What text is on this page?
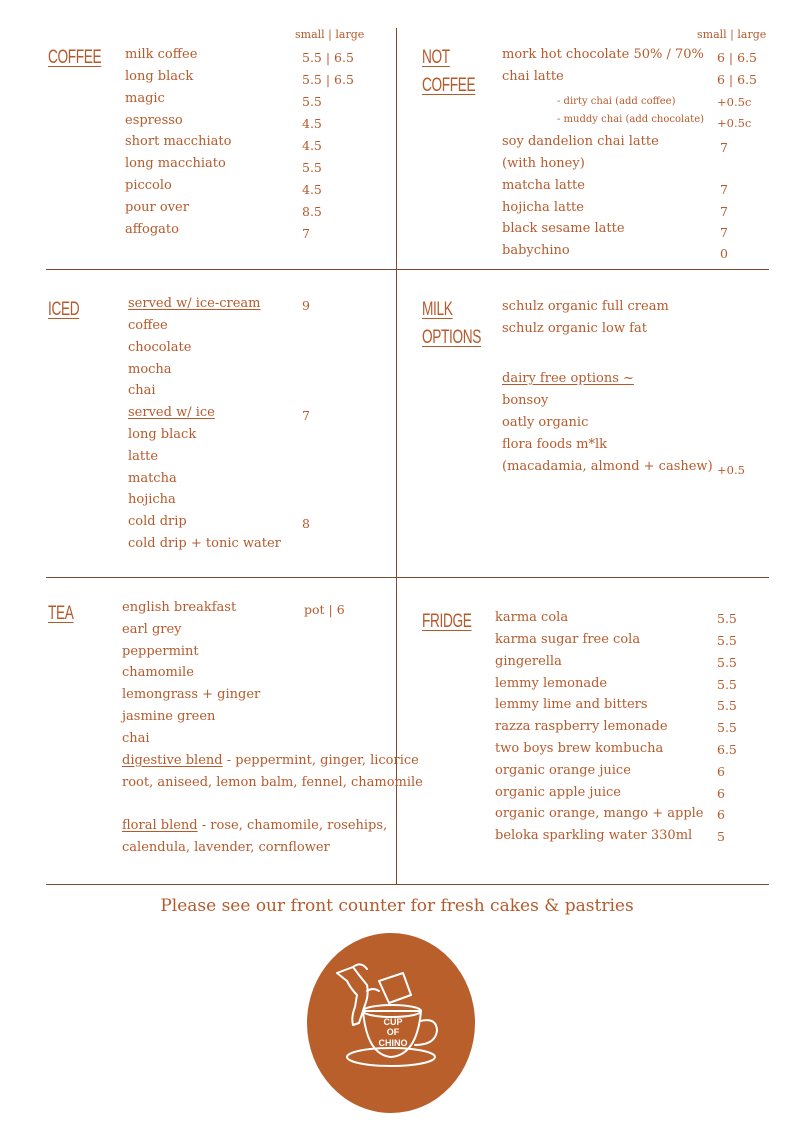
COFFEE
small | large
milk coffee	5.5 | 6.5
long black	5.5 | 6.5
magic	5.5
espresso	4.5
short macchiato	4.5
long macchiato	5.5
piccolo	4.5
pour over	8.5
affogato	7
NOT
COFFEE
small | large
mork hot chocolate 50% / 70% 6 | 6.5
chai latte	6 | 6.5
- dirty chai (add coffee)	+0.5c
- muddy chai (add chocolate) +0.5c
soy dandelion chai latte	7
(with honey)
matcha latte	7
hojicha latte	7
black sesame latte	7
babychino	0
ICED	served w/ ice-cream	9
coffee
chocolate
mocha
chai
served w/ ice	7
long black
latte
matcha
hojicha
cold drip	8
cold drip + tonic water
MILK
OPTIONS
schulz organic full cream
schulz organic low fat
dairy free options ~
bonsoy
oatly organic
flora foods m*lk
(macadamia, almond + cashew) +0.5
TEA	pot | 6
english breakfast
earl grey
peppermint
chamomile
lemongrass + ginger
jasmine green
chai
digestive blend - peppermint, ginger, licorice
root, aniseed, lemon balm, fennel, chamomile
floral blend - rose, chamomile, rosehips,
calendula, lavender, cornflower
FRIDGE karma cola	5.5
karma sugar free cola	5.5
gingerella	5.5
lemmy lemonade	5.5
lemmy lime and bitters	5.5
razza raspberry lemonade	5.5
two boys brew kombucha	6.5
organic orange juice	6
organic apple juice	6
organic orange, mango + apple 6
beloka sparkling water 330ml 5
Please see our front counter for fresh cakes & pastries
CUP
OF
CHINO
